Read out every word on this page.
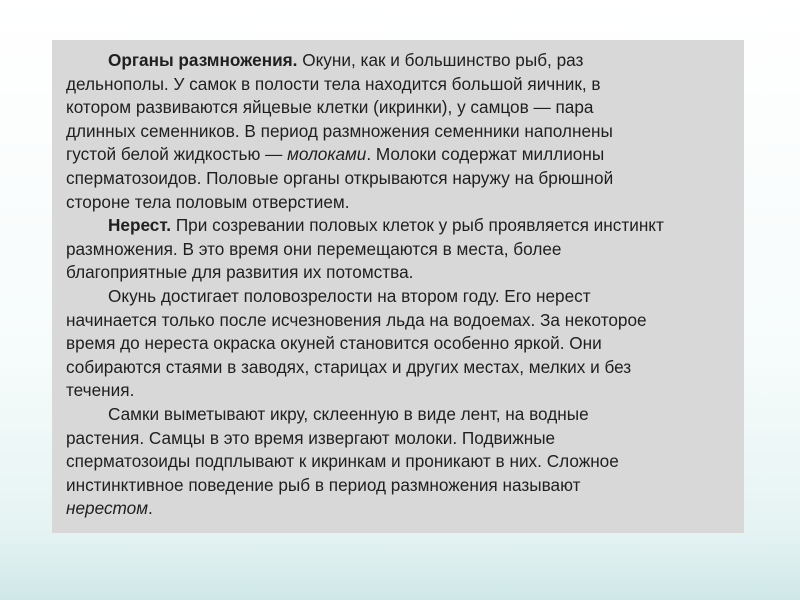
Органы размножения. Окуни, как и большинство рыб, раз
дельнополы. У самок в полости тела находится большой яичник, в
котором развиваются яйцевые клетки (икринки), у самцов — пара
длинных семенников. В период размножения семенники наполнены
густой белой жидкостью — молоками. Молоки содержат миллионы
сперматозоидов. Половые органы открываются наружу на брюшной
стороне тела половым отверстием.

Нерест. При созревании половых клеток у рыб проявляется инстинкт
размножения. В это время они перемещаются в места, более
благоприятные для развития их потомства.

Окунь достигает половозрелости на втором году. Его нерест
начинается только после исчезновения льда на водоемах. За некоторое
время до нереста окраска окуней становится особенно яркой. Они
собираются стаями в заводях, старицах и других местах, мелких и без
течения.

Самки выметывают икру, склеенную в виде лент, на водные
растения. Самцы в это время извергают молоки. Подвижные
сперматозоиды подплывают к икринкам и проникают в них. Сложное
инстинктивное поведение рыб в период размножения называют
нерестом.
